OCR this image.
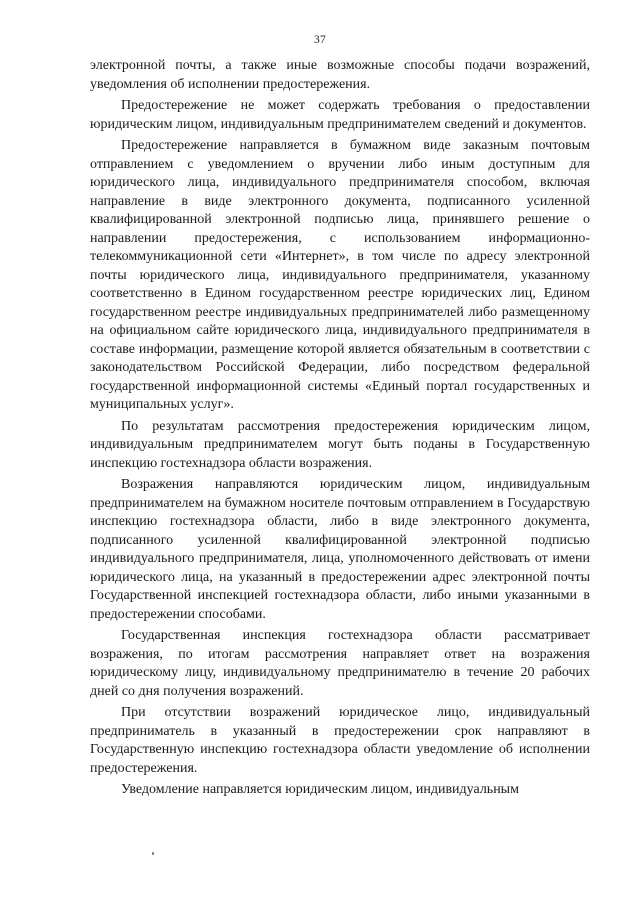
37

электронной почты, а также иные возможные способы подачи возражений, уведомления об исполнении предостережения.

Предостережение не может содержать требования о предоставлении юридическим лицом, индивидуальным предпринимателем сведений и документов.

Предостережение направляется в бумажном виде заказным почтовым отправлением с уведомлением о вручении либо иным доступным для юридического лица, индивидуального предпринимателя способом, включая направление в виде электронного документа, подписанного усиленной квалифицированной электронной подписью лица, принявшего решение о направлении предостережения, с использованием информационно-телекоммуникационной сети «Интернет», в том числе по адресу электронной почты юридического лица, индивидуального предпринимателя, указанному соответственно в Едином государственном реестре юридических лиц, Едином государственном реестре индивидуальных предпринимателей либо размещенному на официальном сайте юридического лица, индивидуального предпринимателя в составе информации, размещение которой является обязательным в соответствии с законодательством Российской Федерации, либо посредством федеральной государственной информационной системы «Единый портал государственных и муниципальных услуг».

По результатам рассмотрения предостережения юридическим лицом, индивидуальным предпринимателем могут быть поданы в Государственную инспекцию гостехнадзора области возражения.

Возражения направляются юридическим лицом, индивидуальным предпринимателем на бумажном носителе почтовым отправлением в Государствую инспекцию гостехнадзора области, либо в виде электронного документа, подписанного усиленной квалифицированной электронной подписью индивидуального предпринимателя, лица, уполномоченного действовать от имени юридического лица, на указанный в предостережении адрес электронной почты Государственной инспекцией гостехнадзора области, либо иными указанными в предостережении способами.

Государственная инспекция гостехнадзора области рассматривает возражения, по итогам рассмотрения направляет ответ на возражения юридическому лицу, индивидуальному предпринимателю в течение 20 рабочих дней со дня получения возражений.

При отсутствии возражений юридическое лицо, индивидуальный предприниматель в указанный в предостережении срок направляют в Государственную инспекцию гостехнадзора области уведомление об исполнении предостережения.

Уведомление направляется юридическим лицом, индивидуальным
